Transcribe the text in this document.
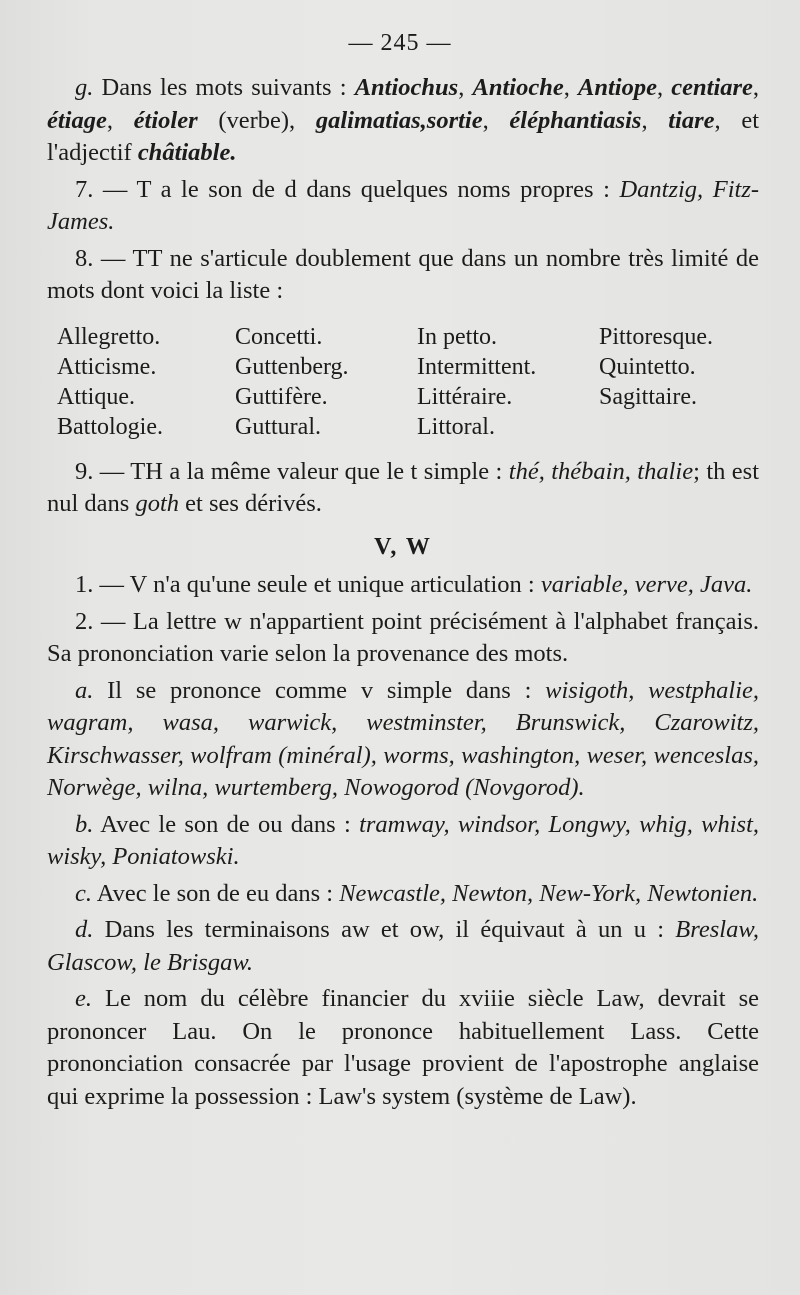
— 245 —

g. Dans les mots suivants : Antiochus, Antioche, Antiope, centiare, étiage, étioler (verbe), galimatias,sortie, éléphantiasis, tiare, et l'adjectif châtiable.

7. — T a le son de d dans quelques noms propres : Dantzig, Fitz-James.

8. — TT ne s'articule doublement que dans un nombre très limité de mots dont voici la liste :

Allegretto.	Concetti.	In petto.	Pittoresque.
Atticisme.	Guttenberg.	Intermittent.	Quintetto.
Attique.	Guttifère.	Littéraire.	Sagittaire.
Battologie.	Guttural.	Littoral.

9. — TH a la même valeur que le t simple : thé, thébain, thalie; th est nul dans goth et ses dérivés.

V, W

1. — V n'a qu'une seule et unique articulation : variable, verve, Java.

2. — La lettre w n'appartient point précisément à l'alphabet français. Sa prononciation varie selon la provenance des mots.

a. Il se prononce comme v simple dans : wisigoth, westphalie, wagram, wasa, warwick, westminster, Brunswick, Czarowitz, Kirschwasser, wolfram (minéral), worms, washington, weser, wenceslas, Norwège, wilna, wurtemberg, Nowogorod (Novgorod).

b. Avec le son de ou dans : tramway, windsor, Longwy, whig, whist, wisky, Poniatowski.

c. Avec le son de eu dans : Newcastle, Newton, New-York, Newtonien.

d. Dans les terminaisons aw et ow, il équivaut à un u : Breslaw, Glascow, le Brisgaw.

e. Le nom du célèbre financier du xviiie siècle Law, devrait se prononcer Lau. On le prononce habituellement Lass. Cette prononciation consacrée par l'usage provient de l'apostrophe anglaise qui exprime la possession : Law's system (système de Law).
